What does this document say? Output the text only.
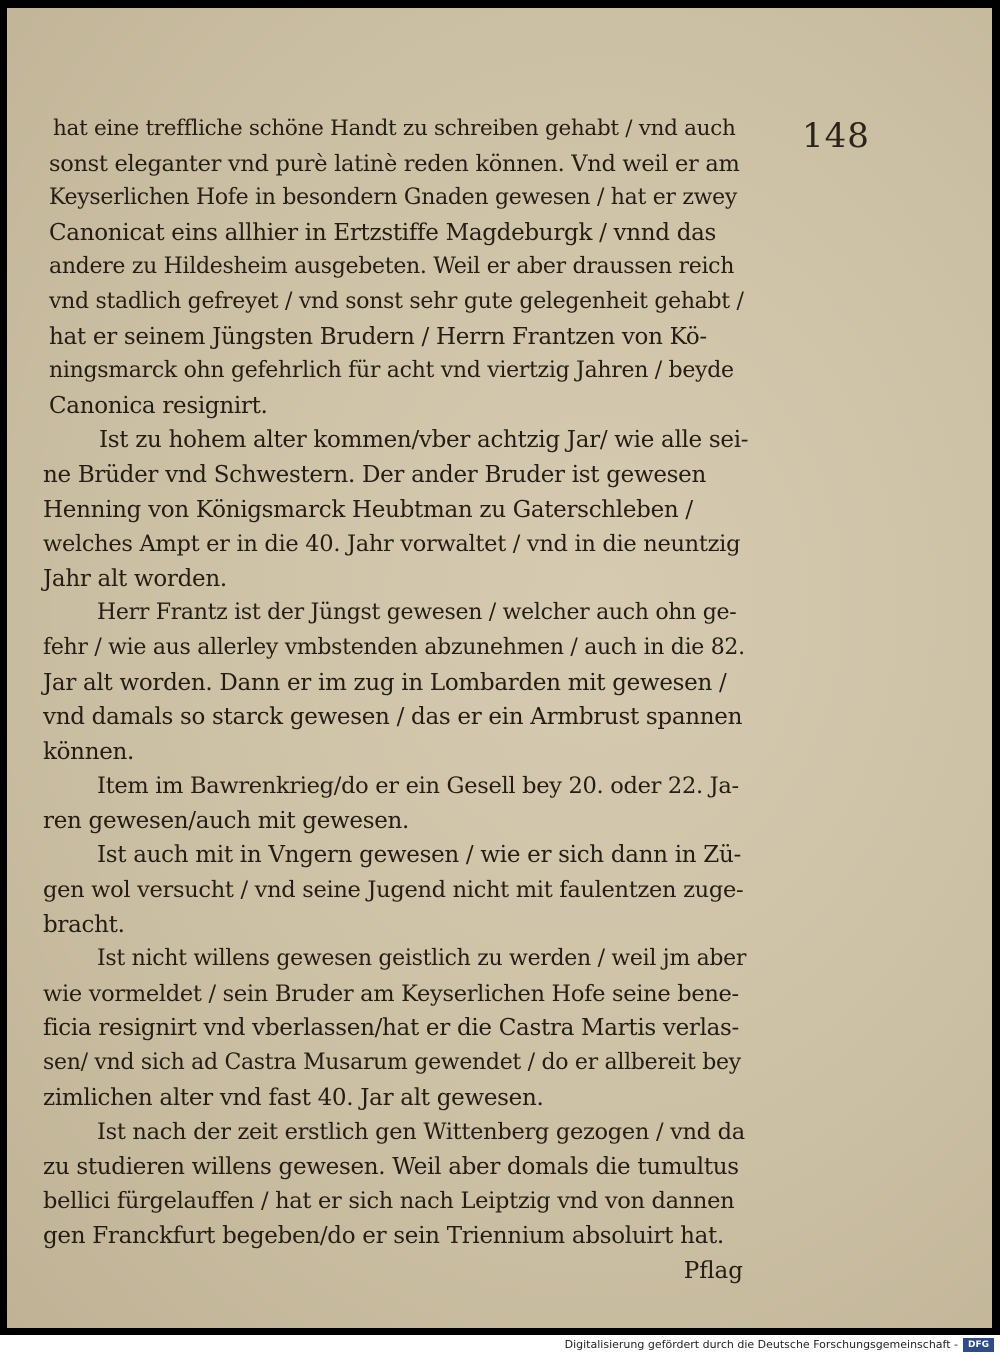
148
hat eine treffliche schöne Handt zu schreiben gehabt / vnd auch
sonst eleganter vnd purè latinè reden können. Vnd weil er am
Keyserlichen Hofe in besondern Gnaden gewesen / hat er zwey
Canonicat eins allhier in Ertzstiffe Magdeburgk / vnnd das
andere zu Hildesheim ausgebeten. Weil er aber draussen reich
vnd stadlich gefreyet / vnd sonst sehr gute gelegenheit gehabt /
hat er seinem Jüngsten Brudern / Herrn Frantzen von Kö-
ningsmarck ohn gefehrlich für acht vnd viertzig Jahren / beyde
Canonica resignirt.
Ist zu hohem alter kommen/vber achtzig Jar/ wie alle sei-
ne Brüder vnd Schwestern. Der ander Bruder ist gewesen
Henning von Königsmarck Heubtman zu Gaterschleben /
welches Ampt er in die 40. Jahr vorwaltet / vnd in die neuntzig
Jahr alt worden.
Herr Frantz ist der Jüngst gewesen / welcher auch ohn ge-
fehr / wie aus allerley vmbstenden abzunehmen / auch in die 82.
Jar alt worden. Dann er im zug in Lombarden mit gewesen /
vnd damals so starck gewesen / das er ein Armbrust spannen
können.
Item im Bawrenkrieg/do er ein Gesell bey 20. oder 22. Ja-
ren gewesen/auch mit gewesen.
Ist auch mit in Vngern gewesen / wie er sich dann in Zü-
gen wol versucht / vnd seine Jugend nicht mit faulentzen zuge-
bracht.
Ist nicht willens gewesen geistlich zu werden / weil jm aber
wie vormeldet / sein Bruder am Keyserlichen Hofe seine bene-
ficia resignirt vnd vberlassen/hat er die Castra Martis verlas-
sen/ vnd sich ad Castra Musarum gewendet / do er allbereit bey
zimlichen alter vnd fast 40. Jar alt gewesen.
Ist nach der zeit erstlich gen Wittenberg gezogen / vnd da
zu studieren willens gewesen. Weil aber domals die tumultus
bellici fürgelauffen / hat er sich nach Leiptzig vnd von dannen
gen Franckfurt begeben/do er sein Triennium absoluirt hat.
Pflag
Digitalisierung gefördert durch die Deutsche Forschungsgemeinschaft -	DFG
